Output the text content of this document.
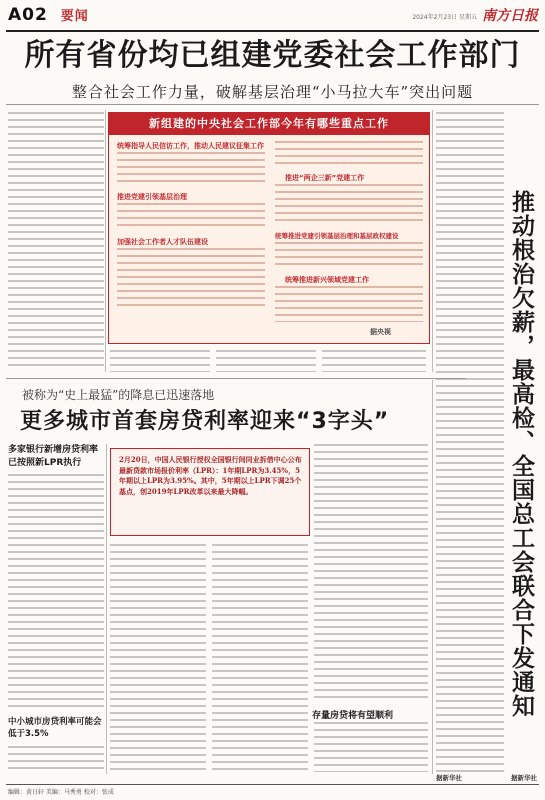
A02 要闻	2024年2月23日 星期五 南方日报
所有省份均已组建党委社会工作部门
整合社会工作力量，破解基层治理“小马拉大车”突出问题
新组建的中央社会工作部今年有哪些重点工作
统筹指导人民信访工作，推动人民建议征集工作
推进党建引领基层治理
加强社会工作者人才队伍建设
推进“两企三新”党建工作
统筹推进党建引领基层治理和基层政权建设
统筹推进新兴领域党建工作
据央视	推动根治欠薪，最高检、全国总工会联合下发通知
被称为“史上最猛”的降息已迅速落地
更多城市首套房贷利率迎来“3字头”
多家银行新增房贷利率已按照新LPR执行
中小城市房贷利率可能会低于3.5%
2月20日，中国人民银行授权全国银行间同业拆借中心公布最新贷款市场报价利率（LPR）：1年期LPR为3.45%，5年期以上LPR为3.95%。其中，5年期以上LPR下调25个基点，创2019年LPR改革以来最大降幅。
存量房贷将有望顺利
据新华社	据新华社
编辑：黄日轩 美编：马秀勇 校对：张成
